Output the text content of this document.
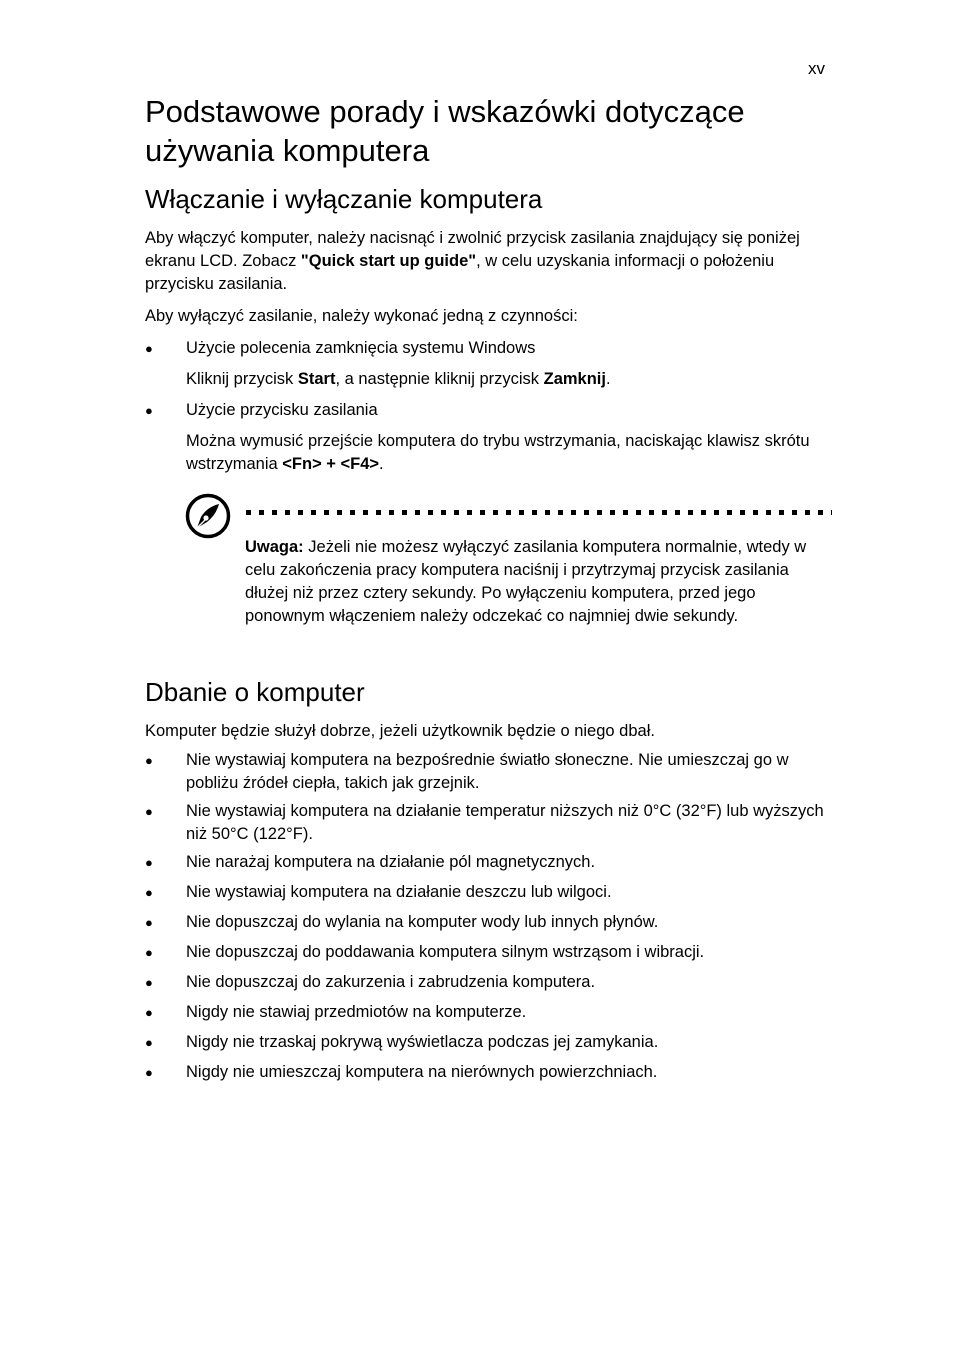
xv
Podstawowe porady i wskazówki dotyczące używania komputera
Włączanie i wyłączanie komputera

Aby włączyć komputer, należy nacisnąć i zwolnić przycisk zasilania znajdujący się poniżej ekranu LCD. Zobacz "Quick start up guide", w celu uzyskania informacji o położeniu przycisku zasilania.

Aby wyłączyć zasilanie, należy wykonać jedną z czynności:

● Użycie polecenia zamknięcia systemu Windows

Kliknij przycisk Start, a następnie kliknij przycisk Zamknij.

● Użycie przycisku zasilania

Można wymusić przejście komputera do trybu wstrzymania, naciskając klawisz skrótu wstrzymania <Fn> + <F4>.

Uwaga: Jeżeli nie możesz wyłączyć zasilania komputera normalnie, wtedy w celu zakończenia pracy komputera naciśnij i przytrzymaj przycisk zasilania dłużej niż przez cztery sekundy. Po wyłączeniu komputera, przed jego ponownym włączeniem należy odczekać co najmniej dwie sekundy.

Dbanie o komputer

Komputer będzie służył dobrze, jeżeli użytkownik będzie o niego dbał.

● Nie wystawiaj komputera na bezpośrednie światło słoneczne. Nie umieszczaj go w pobliżu źródeł ciepła, takich jak grzejnik.
● Nie wystawiaj komputera na działanie temperatur niższych niż 0°C (32°F) lub wyższych niż 50°C (122°F).
● Nie narażaj komputera na działanie pól magnetycznych.
● Nie wystawiaj komputera na działanie deszczu lub wilgoci.
● Nie dopuszczaj do wylania na komputer wody lub innych płynów.
● Nie dopuszczaj do poddawania komputera silnym wstrząsom i wibracji.
● Nie dopuszczaj do zakurzenia i zabrudzenia komputera.
● Nigdy nie stawiaj przedmiotów na komputerze.
● Nigdy nie trzaskaj pokrywą wyświetlacza podczas jej zamykania.
● Nigdy nie umieszczaj komputera na nierównych powierzchniach.
